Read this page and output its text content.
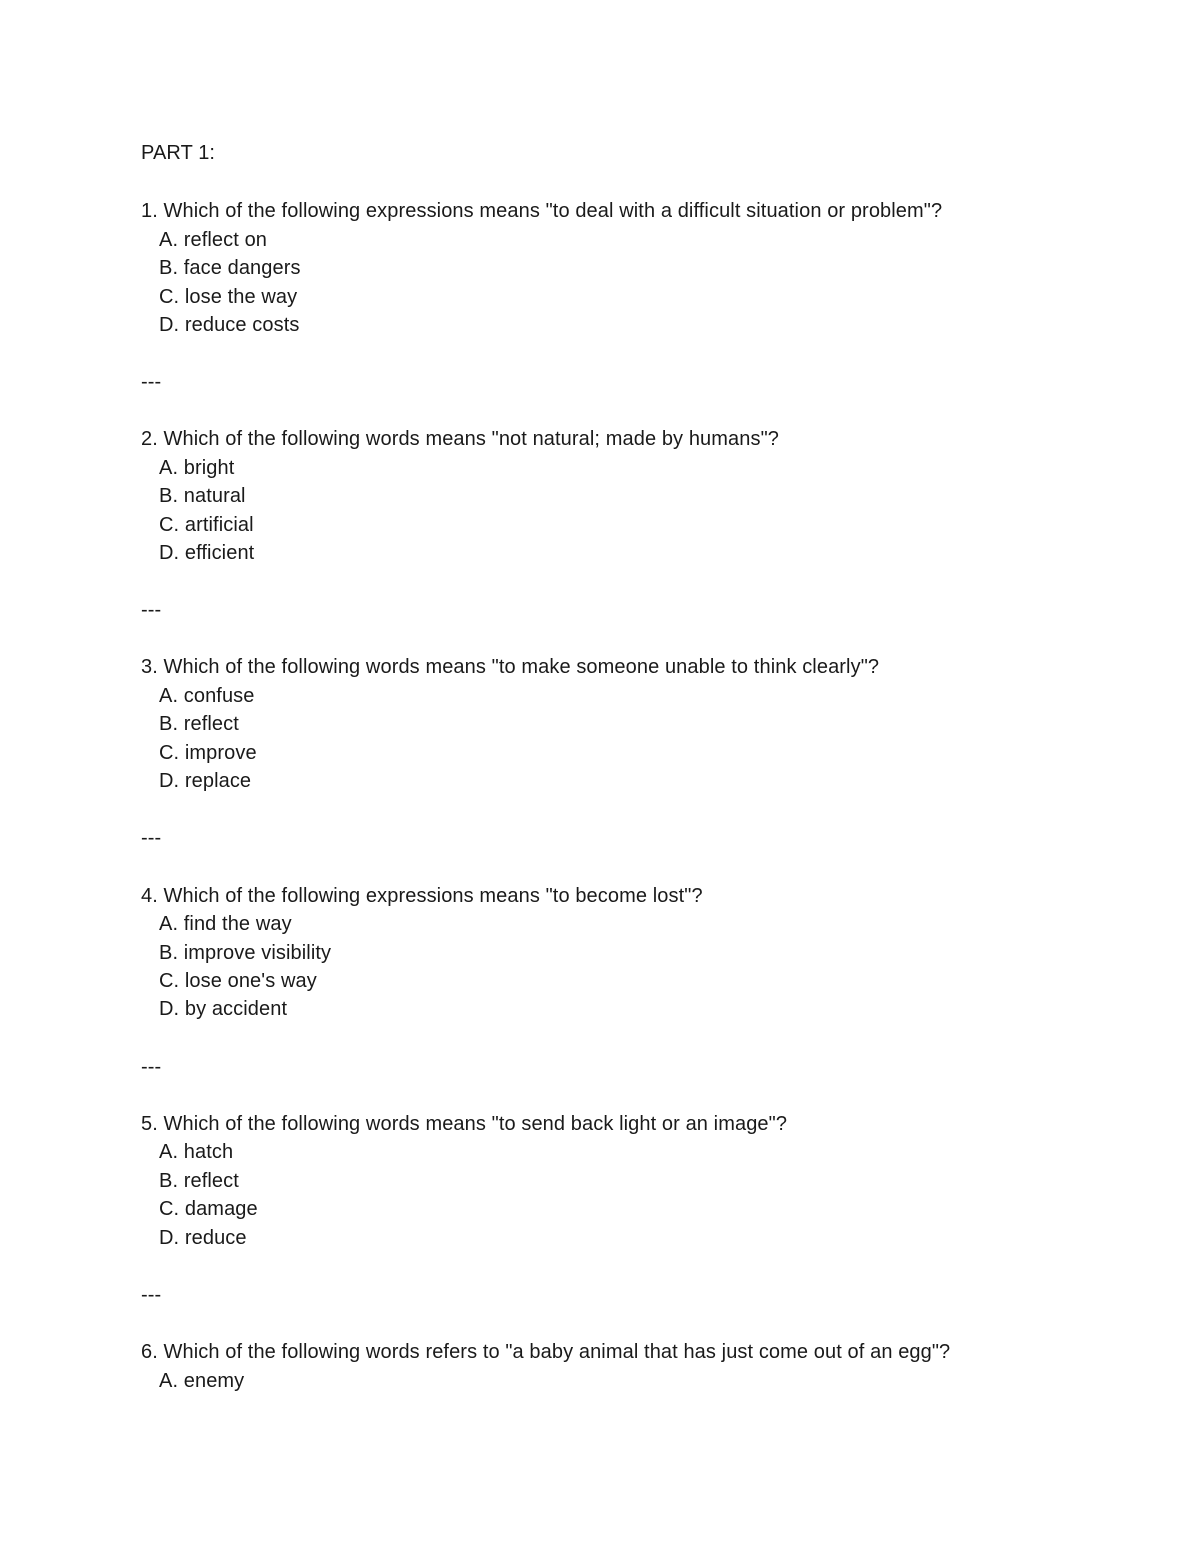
PART 1:
1. Which of the following expressions means "to deal with a difficult situation or problem"?
A. reflect on
B. face dangers
C. lose the way
D. reduce costs
---
2. Which of the following words means "not natural; made by humans"?
A. bright
B. natural
C. artificial
D. efficient
---
3. Which of the following words means "to make someone unable to think clearly"?
A. confuse
B. reflect
C. improve
D. replace
---
4. Which of the following expressions means "to become lost"?
A. find the way
B. improve visibility
C. lose one's way
D. by accident
---
5. Which of the following words means "to send back light or an image"?
A. hatch
B. reflect
C. damage
D. reduce
---
6. Which of the following words refers to "a baby animal that has just come out of an egg"?
A. enemy
